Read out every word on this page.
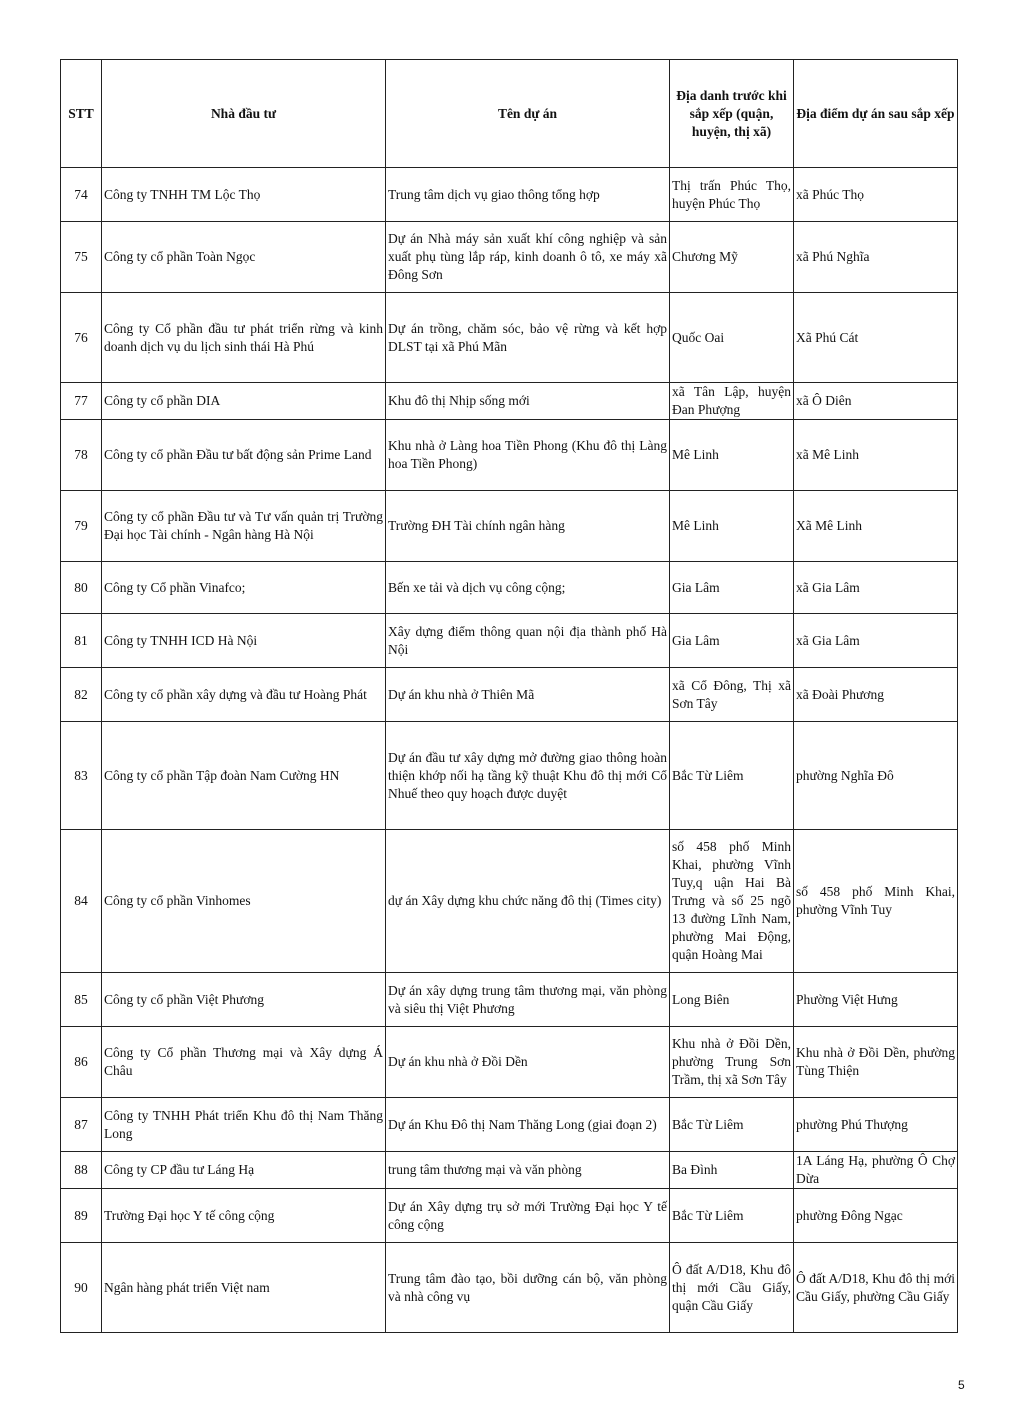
STT	Nhà đầu tư	Tên dự án	Địa danh trước khi sắp xếp (quận, huyện, thị xã)	Địa điểm dự án sau sắp xếp
74	Công ty TNHH TM Lộc Thọ	Trung tâm dịch vụ giao thông tổng hợp	Thị trấn Phúc Thọ, huyện Phúc Thọ	xã Phúc Thọ
75	Công ty cổ phần Toàn Ngọc	Dự án Nhà máy sản xuất khí công nghiệp và sản xuất phụ tùng lắp ráp, kinh doanh ô tô, xe máy xã Đông Sơn	Chương Mỹ	xã Phú Nghĩa
76	Công ty Cổ phần đầu tư phát triển rừng và kinh doanh dịch vụ du lịch sinh thái Hà Phú	Dự án trồng, chăm sóc, bảo vệ rừng và kết hợp DLST tại xã Phú Mãn	Quốc Oai	Xã Phú Cát
77	Công ty cổ phần DIA	Khu đô thị Nhịp sống mới	xã Tân Lập, huyện Đan Phượng	xã Ô Diên
78	Công ty cổ phần Đầu tư bất động sản Prime Land	Khu nhà ở Làng hoa Tiền Phong (Khu đô thị Làng hoa Tiền Phong)	Mê Linh	xã Mê Linh
79	Công ty cổ phần Đầu tư và Tư vấn quản trị Trường Đại học Tài chính - Ngân hàng Hà Nội	Trường ĐH Tài chính ngân hàng	Mê Linh	Xã Mê Linh
80	Công ty Cổ phần Vinafco;	Bến xe tải và dịch vụ công cộng;	Gia Lâm	xã Gia Lâm
81	Công ty TNHH ICD Hà Nội	Xây dựng điểm thông quan nội địa thành phố Hà Nội	Gia Lâm	xã Gia Lâm
82	Công ty cổ phần xây dựng và đầu tư Hoàng Phát	Dự án khu nhà ở Thiên Mã	xã Cổ Đông, Thị xã Sơn Tây	xã Đoài Phương
83	Công ty cổ phần Tập đoàn Nam Cường HN	Dự án đầu tư xây dựng mở đường giao thông hoàn thiện khớp nối hạ tầng kỹ thuật Khu đô thị mới Cổ Nhuế theo quy hoạch được duyệt	Bắc Từ Liêm	phường Nghĩa Đô
84	Công ty cổ phần Vinhomes	dự án Xây dựng khu chức năng đô thị (Times city)	số 458 phố Minh Khai, phường Vĩnh Tuy,q uận Hai Bà Trưng và số 25 ngõ 13 đường Lĩnh Nam, phường Mai Động, quận Hoàng Mai	số 458 phố Minh Khai, phường Vĩnh Tuy
85	Công ty cổ phần Việt Phương	Dự án xây dựng trung tâm thương mại, văn phòng và siêu thị Việt Phương	Long Biên	Phường Việt Hưng
86	Công ty Cổ phần Thương mại và Xây dựng Á Châu	Dự án khu nhà ở Đồi Dền	Khu nhà ở Đồi Dền, phường Trung Sơn Trầm, thị xã Sơn Tây	Khu nhà ở Đồi Dền, phường Tùng Thiện
87	Công ty TNHH Phát triển Khu đô thị Nam Thăng Long	Dự án Khu Đô thị Nam Thăng Long (giai đoạn 2)	Bắc Từ Liêm	phường Phú Thượng
88	Công ty CP đầu tư Láng Hạ	trung tâm thương mại và văn phòng	Ba Đình	1A Láng Hạ, phường Ô Chợ Dừa
89	Trường Đại học Y tế công cộng	Dự án Xây dựng trụ sở mới Trường Đại học Y tế công cộng	Bắc Từ Liêm	phường Đông Ngạc
90	Ngân hàng phát triển Việt nam	Trung tâm đào tạo, bồi dưỡng cán bộ, văn phòng và nhà công vụ	Ô đất A/D18, Khu đô thị mới Cầu Giấy, quận Cầu Giấy	Ô đất A/D18, Khu đô thị mới Cầu Giấy, phường Cầu Giấy
5
